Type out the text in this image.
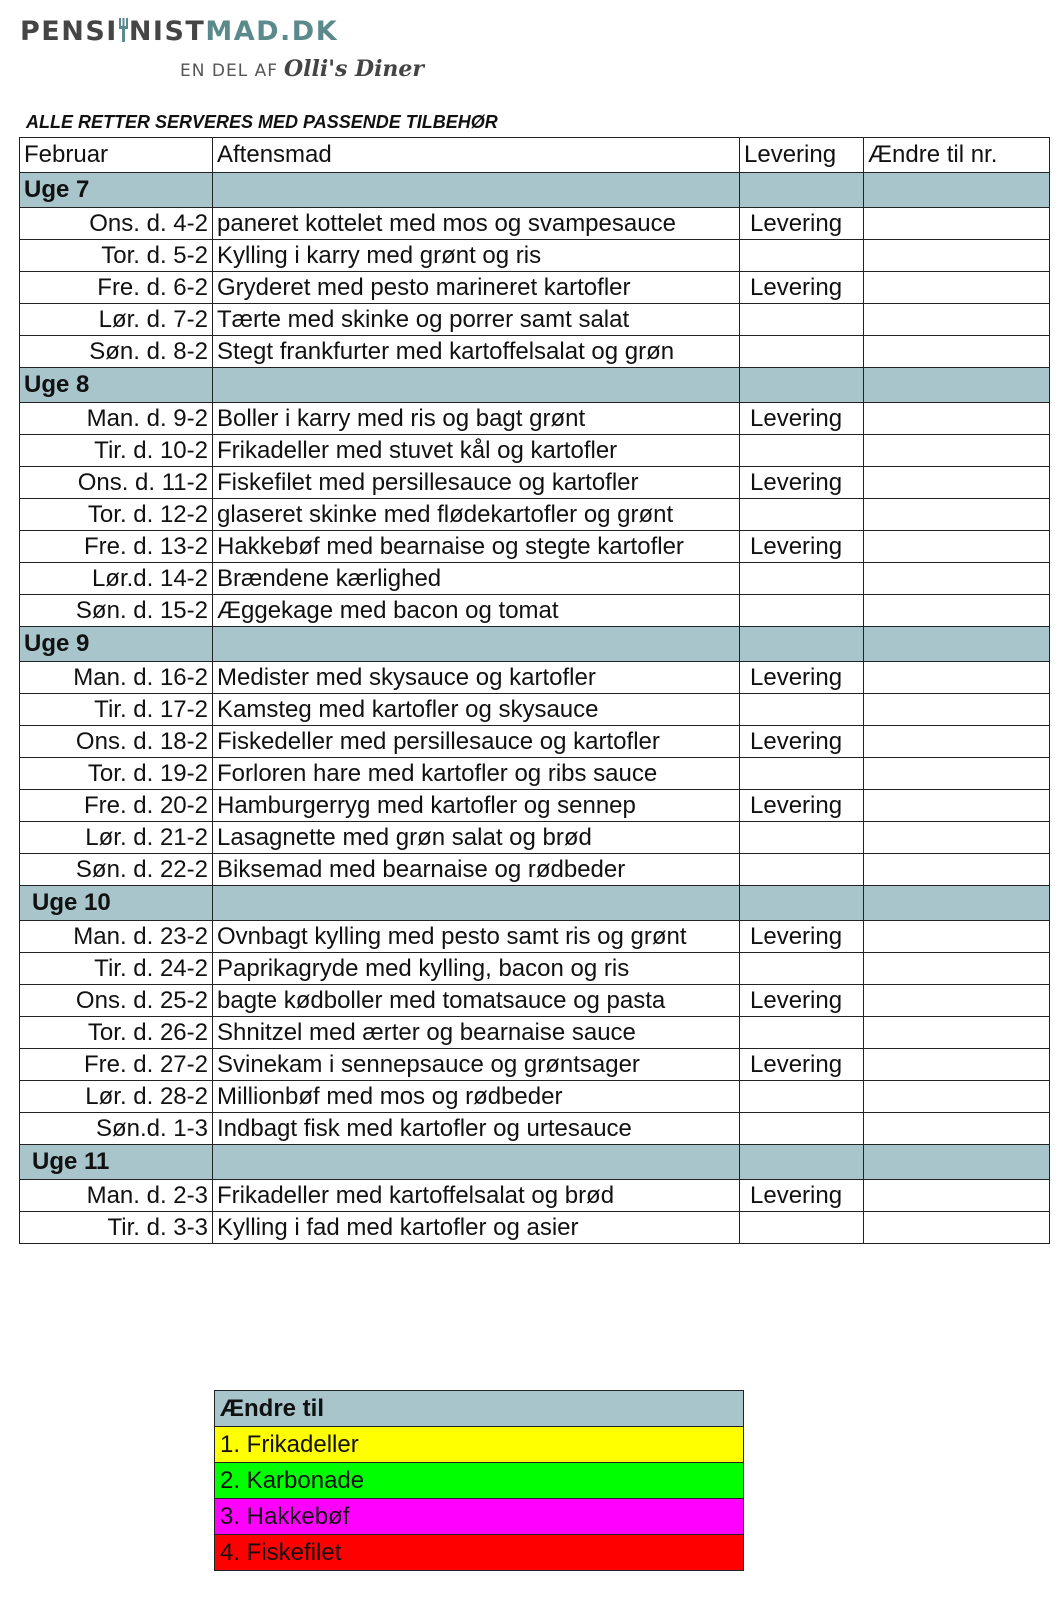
PENSI NISTMAD.DK
EN DEL AF Olli's Diner
ALLE RETTER SERVERES MED PASSENDE TILBEHØR
Februar	Aftensmad	Levering	Ændre til nr.
Uge 7			
Ons. d. 4-2	paneret kottelet med mos og svampesauce	Levering	
Tor. d. 5-2	Kylling i karry med grønt og ris		
Fre. d. 6-2	Gryderet med pesto marineret kartofler	Levering	
Lør. d. 7-2	Tærte med skinke og porrer samt salat		
Søn. d. 8-2	Stegt frankfurter med kartoffelsalat og grøn		
Uge 8			
Man. d. 9-2	Boller i karry med ris og bagt grønt	Levering	
Tir. d. 10-2	Frikadeller med stuvet kål og kartofler		
Ons. d. 11-2	Fiskefilet med persillesauce og kartofler	Levering	
Tor. d. 12-2	glaseret skinke med flødekartofler og grønt		
Fre. d. 13-2	Hakkebøf med bearnaise og stegte kartofler	Levering	
Lør.d. 14-2	Brændene kærlighed		
Søn. d. 15-2	Æggekage med bacon og tomat		
Uge 9			
Man. d. 16-2	Medister med skysauce og kartofler	Levering	
Tir. d. 17-2	Kamsteg med kartofler og skysauce		
Ons. d. 18-2	Fiskedeller med persillesauce og kartofler	Levering	
Tor. d. 19-2	Forloren hare med kartofler og ribs sauce		
Fre. d. 20-2	Hamburgerryg med kartofler og sennep	Levering	
Lør. d. 21-2	Lasagnette med grøn salat og brød		
Søn. d. 22-2	Biksemad med bearnaise og rødbeder		
Uge 10			
Man. d. 23-2	Ovnbagt kylling med pesto samt ris og grønt	Levering	
Tir. d. 24-2	Paprikagryde med kylling, bacon og ris		
Ons. d. 25-2	bagte kødboller med tomatsauce og pasta	Levering	
Tor. d. 26-2	Shnitzel med ærter og bearnaise sauce		
Fre. d. 27-2	Svinekam i sennepsauce og grøntsager	Levering	
Lør. d. 28-2	Millionbøf med mos og rødbeder		
Søn.d. 1-3	Indbagt fisk med kartofler og urtesauce		
Uge 11			
Man. d. 2-3	Frikadeller med kartoffelsalat og brød	Levering	
Tir. d. 3-3	Kylling i fad med kartofler og asier		
Ændre til
1. Frikadeller
2. Karbonade
3. Hakkebøf
4. Fiskefilet
